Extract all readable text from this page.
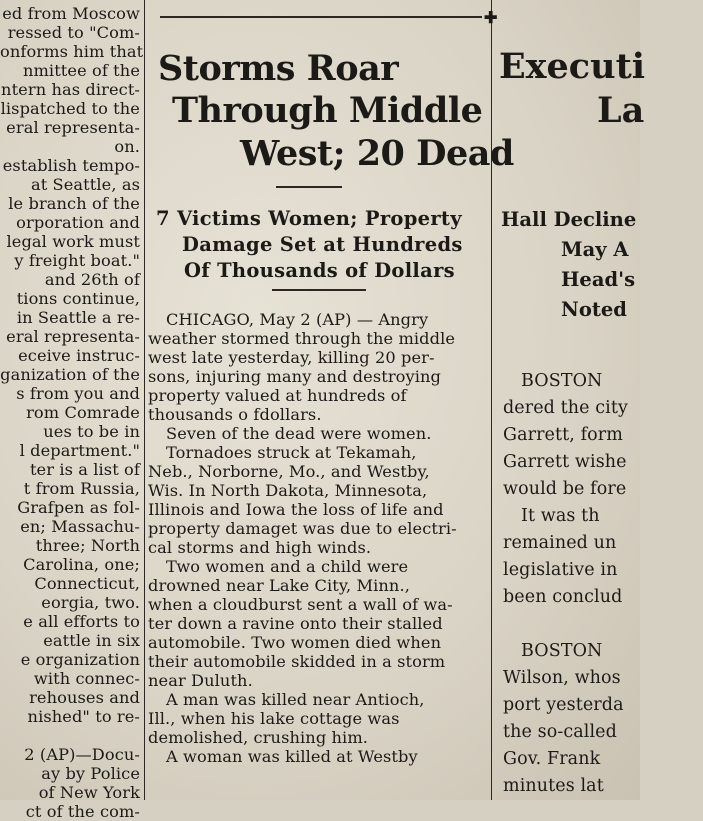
ed from Moscow
ressed to "Com-
onforms him that
nmittee of the
ntern has direct-
lispatched to the
eral representa-
on.
establish tempo-
at Seattle, as
le branch of the
orporation and
legal work must
y freight boat."
and 26th of
tions continue,
in Seattle a re-
eral representa-
eceive instruc-
ganization of the
s from you and
rom Comrade
ues to be in
l department."
ter is a list of
t from Russia,
Grafpen as fol-
en; Massachu-
three; North
Carolina, one;
Connecticut,
eorgia, two.
e all efforts to
eattle in six
e organization
with connec-
rehouses and
nished" to re-

2 (AP)—Docu-
ay by Police
of New York
ct of the com-
✚
Storms Roar
Through Middle
West; 20 Dead
7 Victims Women; Property
Damage Set at Hundreds
Of Thousands of Dollars
CHICAGO, May 2 (AP) — Angry
weather stormed through the middle
west late yesterday, killing 20 per-
sons, injuring many and destroying
property valued at hundreds of
thousands o fdollars.
Seven of the dead were women.
Tornadoes struck at Tekamah,
Neb., Norborne, Mo., and Westby,
Wis. In North Dakota, Minnesota,
Illinois and Iowa the loss of life and
property damaget was due to electri-
cal storms and high winds.
Two women and a child were
drowned near Lake City, Minn.,
when a cloudburst sent a wall of wa-
ter down a ravine onto their stalled
automobile. Two women died when
their automobile skidded in a storm
near Duluth.
A man was killed near Antioch,
Ill., when his lake cottage was
demolished, crushing him.
A woman was killed at Westby
Executi
La
Hall Decline
May A
Head's
Noted
BOSTON
dered the city
Garrett, form
Garrett wishe
would be fore
It was th
remained un
legislative in
been conclud

BOSTON
Wilson, whos
port yesterda
the so-called
Gov. Frank
minutes lat
